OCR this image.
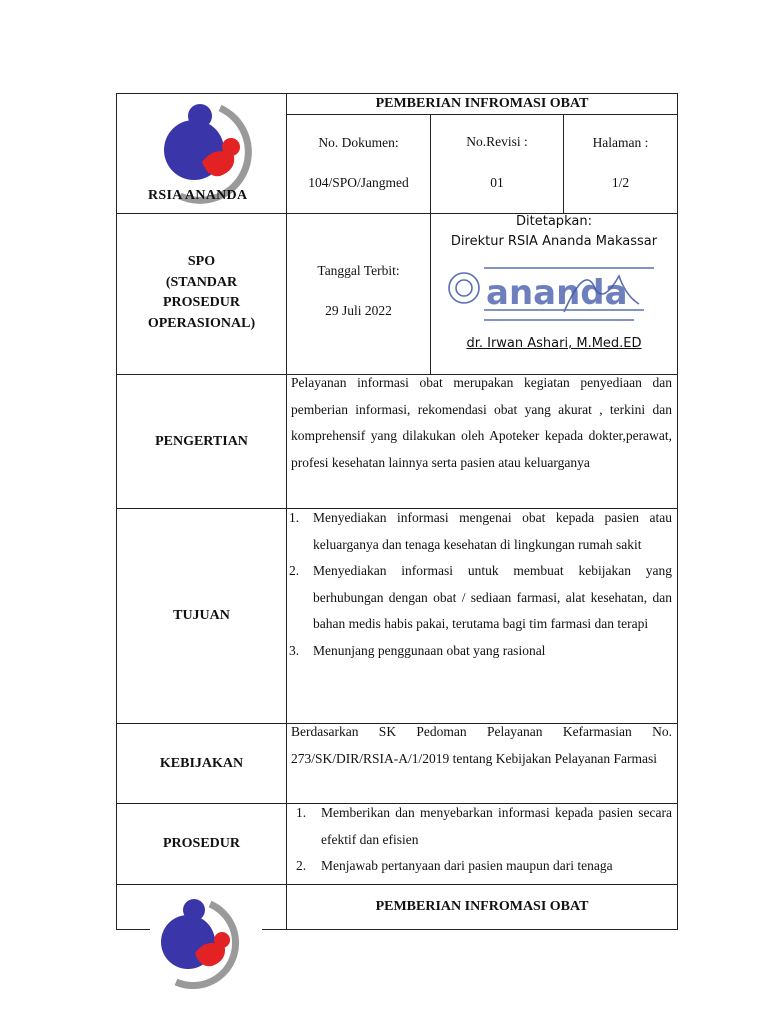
RSIA ANANDA
PEMBERIAN INFROMASI OBAT
No. Dokumen:
104/SPO/Jangmed
No.Revisi :
01
Halaman :
1/2
SPO
(STANDAR
PROSEDUR
OPERASIONAL)
Tanggal Terbit:
29 Juli 2022
Ditetapkan:
Direktur RSIA Ananda Makassar
ananda
dr. Irwan Ashari, M.Med.ED
PENGERTIAN
Pelayanan informasi obat merupakan kegiatan penyediaan dan pemberian informasi, rekomendasi obat yang akurat , terkini dan komprehensif yang dilakukan oleh Apoteker kepada dokter,perawat, profesi kesehatan lainnya serta pasien atau keluarganya
TUJUAN
1. Menyediakan informasi mengenai obat kepada pasien atau keluarganya dan tenaga kesehatan di lingkungan rumah sakit
2. Menyediakan informasi untuk membuat kebijakan yang berhubungan dengan obat / sediaan farmasi, alat kesehatan, dan bahan medis habis pakai, terutama bagi tim farmasi dan terapi
3. Menunjang penggunaan obat yang rasional
KEBIJAKAN
Berdasarkan SK Pedoman Pelayanan Kefarmasian No. 273/SK/DIR/RSIA-A/1/2019 tentang Kebijakan Pelayanan Farmasi
PROSEDUR
1. Memberikan dan menyebarkan informasi kepada pasien secara efektif dan efisien
2. Menjawab pertanyaan dari pasien maupun dari tenaga
PEMBERIAN INFROMASI OBAT
